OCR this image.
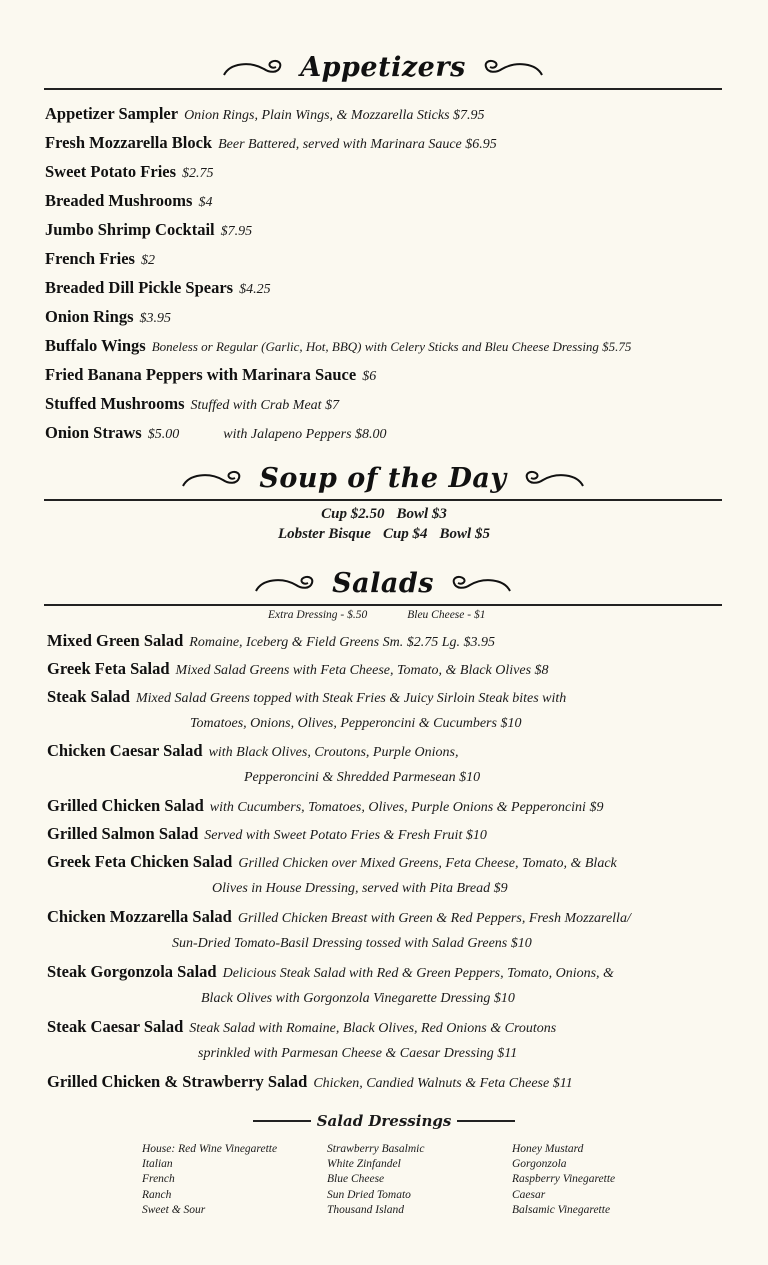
Appetizers
Appetizer Sampler Onion Rings, Plain Wings, & Mozzarella Sticks $7.95
Fresh Mozzarella Block Beer Battered, served with Marinara Sauce $6.95
Sweet Potato Fries $2.75
Breaded Mushrooms $4
Jumbo Shrimp Cocktail $7.95
French Fries $2
Breaded Dill Pickle Spears $4.25
Onion Rings $3.95
Buffalo Wings Boneless or Regular (Garlic, Hot, BBQ) with Celery Sticks and Bleu Cheese Dressing $5.75
Fried Banana Peppers with Marinara Sauce $6
Stuffed Mushrooms Stuffed with Crab Meat $7
Onion Straws $5.00	with Jalapeno Peppers $8.00
Soup of the Day
Cup $2.50 Bowl $3
Lobster Bisque Cup $4 Bowl $5
Salads
Extra Dressing - $.50	Bleu Cheese - $1
Mixed Green Salad Romaine, Iceberg & Field Greens Sm. $2.75 Lg. $3.95
Greek Feta Salad Mixed Salad Greens with Feta Cheese, Tomato, & Black Olives $8
Steak Salad Mixed Salad Greens topped with Steak Fries & Juicy Sirloin Steak bites with
Tomatoes, Onions, Olives, Pepperoncini & Cucumbers $10
Chicken Caesar Salad with Black Olives, Croutons, Purple Onions,
Pepperoncini & Shredded Parmesean $10
Grilled Chicken Salad with Cucumbers, Tomatoes, Olives, Purple Onions & Pepperoncini $9
Grilled Salmon Salad Served with Sweet Potato Fries & Fresh Fruit $10
Greek Feta Chicken Salad Grilled Chicken over Mixed Greens, Feta Cheese, Tomato, & Black
Olives in House Dressing, served with Pita Bread $9
Chicken Mozzarella Salad Grilled Chicken Breast with Green & Red Peppers, Fresh Mozzarella/
Sun-Dried Tomato-Basil Dressing tossed with Salad Greens $10
Steak Gorgonzola Salad Delicious Steak Salad with Red & Green Peppers, Tomato, Onions, &
Black Olives with Gorgonzola Vinegarette Dressing $10
Steak Caesar Salad Steak Salad with Romaine, Black Olives, Red Onions & Croutons
sprinkled with Parmesan Cheese & Caesar Dressing $11
Grilled Chicken & Strawberry Salad Chicken, Candied Walnuts & Feta Cheese $11
Salad Dressings
House: Red Wine Vinegarette
Italian
French
Ranch
Sweet & Sour
Strawberry Basalmic
White Zinfandel
Blue Cheese
Sun Dried Tomato
Thousand Island
Honey Mustard
Gorgonzola
Raspberry Vinegarette
Caesar
Balsamic Vinegarette
